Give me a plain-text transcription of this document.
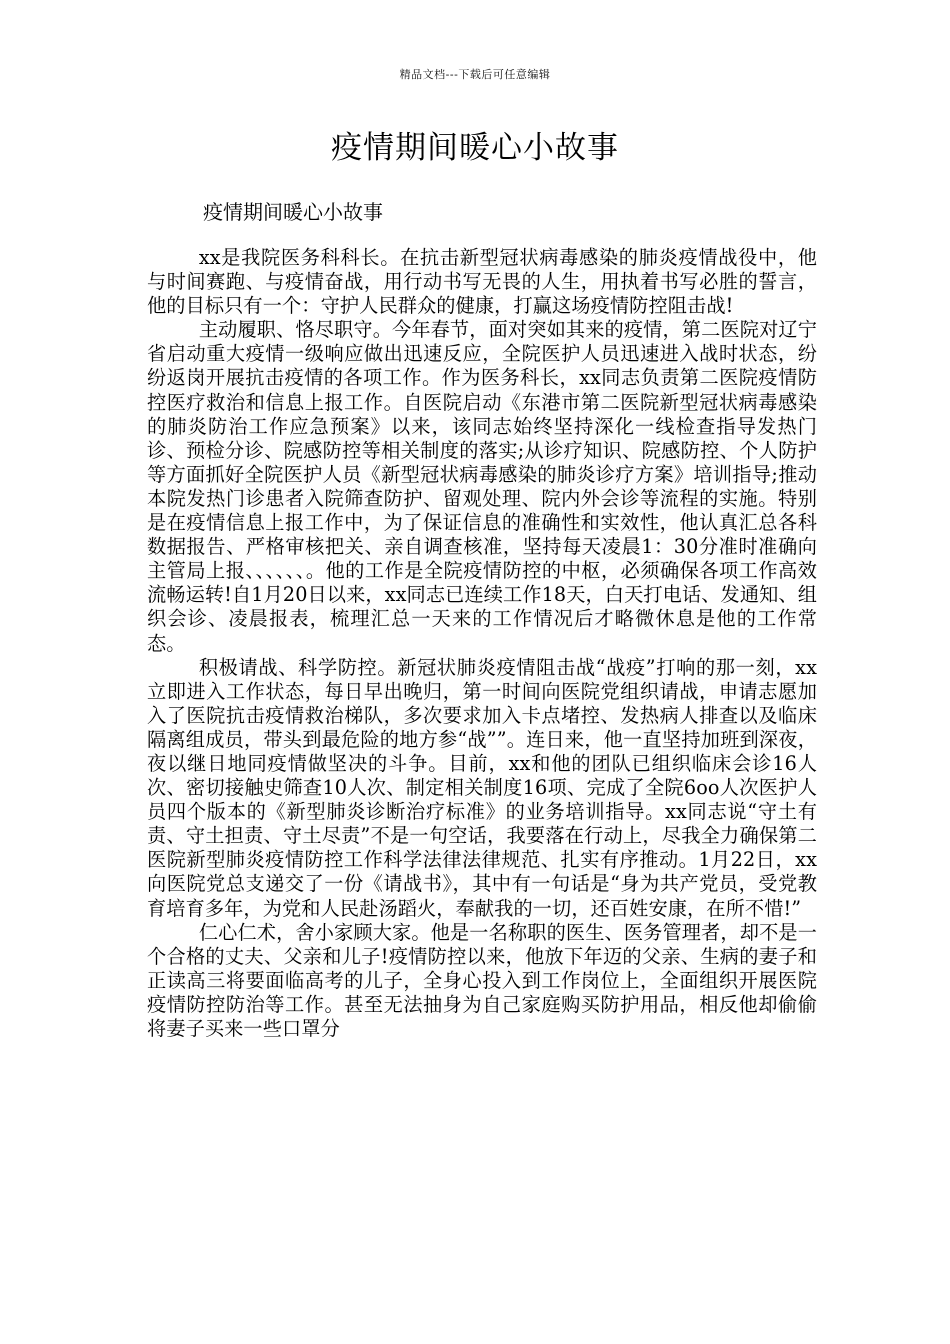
精品文档---下载后可任意编辑
疫情期间暖心小故事
疫情期间暖心小故事

xx是我院医务科科长。在抗击新型冠状病毒感染的肺炎疫情战役中，他与时间赛跑、与疫情奋战，用行动书写无畏的人生，用执着书写必胜的誓言，他的目标只有一个：守护人民群众的健康，打赢这场疫情防控阻击战!

主动履职、恪尽职守。今年春节，面对突如其来的疫情，第二医院对辽宁省启动重大疫情一级响应做出迅速反应，全院医护人员迅速进入战时状态，纷纷返岗开展抗击疫情的各项工作。作为医务科长，xx同志负责第二医院疫情防控医疗救治和信息上报工作。自医院启动《东港市第二医院新型冠状病毒感染的肺炎防治工作应急预案》以来，该同志始终坚持深化一线检查指导发热门诊、预检分诊、院感防控等相关制度的落实;从诊疗知识、院感防控、个人防护等方面抓好全院医护人员《新型冠状病毒感染的肺炎诊疗方案》培训指导;推动本院发热门诊患者入院筛查防护、留观处理、院内外会诊等流程的实施。特别是在疫情信息上报工作中，为了保证信息的准确性和实效性，他认真汇总各科数据报告、严格审核把关、亲自调查核准，坚持每天凌晨1：30分准时准确向主管局上报、、、、、、。他的工作是全院疫情防控的中枢，必须确保各项工作高效流畅运转!自1月20日以来，xx同志已连续工作18天，白天打电话、发通知、组织会诊、凌晨报表，梳理汇总一天来的工作情况后才略微休息是他的工作常态。

积极请战、科学防控。新冠状肺炎疫情阻击战“战疫”打响的那一刻，xx立即进入工作状态，每日早出晚归，第一时间向医院党组织请战，申请志愿加入了医院抗击疫情救治梯队，多次要求加入卡点堵控、发热病人排查以及临床隔离组成员，带头到最危险的地方参“战””。连日来，他一直坚持加班到深夜，夜以继日地同疫情做坚决的斗争。目前，xx和他的团队已组织临床会诊16人次、密切接触史筛查10人次、制定相关制度16项、完成了全院6oo人次医护人员四个版本的《新型肺炎诊断治疗标准》的业务培训指导。xx同志说“守土有责、守土担责、守土尽责”不是一句空话，我要落在行动上，尽我全力确保第二医院新型肺炎疫情防控工作科学法律法律规范、扎实有序推动。1月22日，xx向医院党总支递交了一份《请战书》，其中有一句话是“身为共产党员，受党教育培育多年，为党和人民赴汤蹈火，奉献我的一切，还百姓安康，在所不惜!”

仁心仁术，舍小家顾大家。他是一名称职的医生、医务管理者，却不是一个合格的丈夫、父亲和儿子!疫情防控以来，他放下年迈的父亲、生病的妻子和正读高三将要面临高考的儿子，全身心投入到工作岗位上，全面组织开展医院疫情防控防治等工作。甚至无法抽身为自己家庭购买防护用品，相反他却偷偷将妻子买来一些口罩分
